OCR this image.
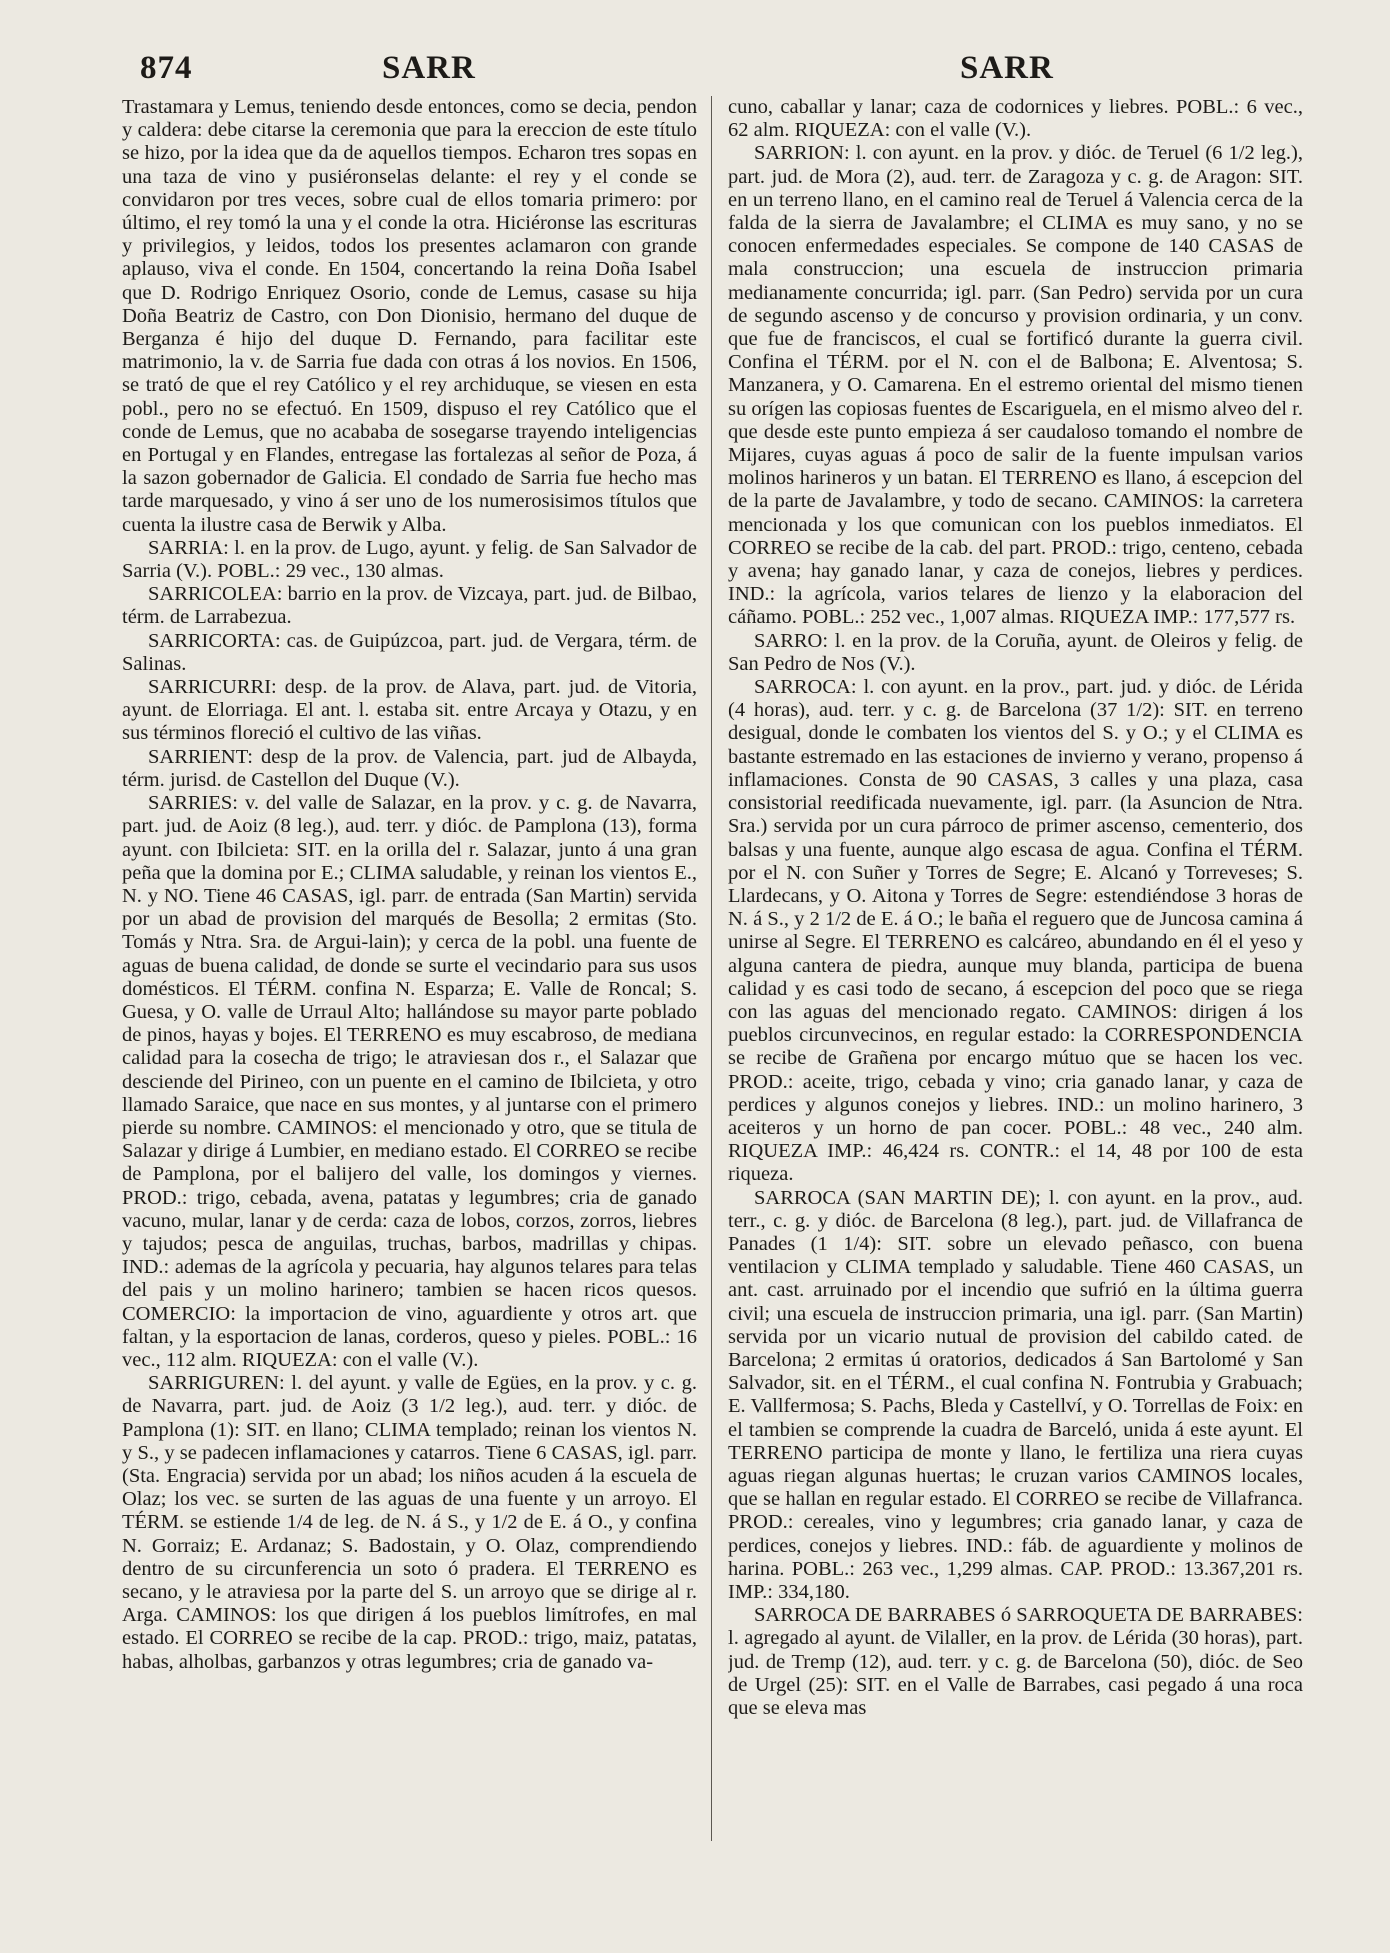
874	SARR	SARR

Trastamara y Lemus, teniendo desde entonces, como se decia, pendon y caldera: debe citarse la ceremonia que para la ereccion de este título se hizo, por la idea que da de aquellos tiempos. Echaron tres sopas en una taza de vino y pusiéronselas delante: el rey y el conde se convidaron por tres veces, sobre cual de ellos tomaria primero: por último, el rey tomó la una y el conde la otra. Hiciéronse las escrituras y privilegios, y leidos, todos los presentes aclamaron con grande aplauso, viva el conde. En 1504, concertando la reina Doña Isabel que D. Rodrigo Enriquez Osorio, conde de Lemus, casase su hija Doña Beatriz de Castro, con Don Dionisio, hermano del duque de Berganza é hijo del duque D. Fernando, para facilitar este matrimonio, la v. de Sarria fue dada con otras á los novios. En 1506, se trató de que el rey Católico y el rey archiduque, se viesen en esta pobl., pero no se efectuó. En 1509, dispuso el rey Católico que el conde de Lemus, que no acababa de sosegarse trayendo inteligencias en Portugal y en Flandes, entregase las fortalezas al señor de Poza, á la sazon gobernador de Galicia. El condado de Sarria fue hecho mas tarde marquesado, y vino á ser uno de los numerosisimos títulos que cuenta la ilustre casa de Berwik y Alba.

SARRIA: l. en la prov. de Lugo, ayunt. y felig. de San Salvador de Sarria (V.). POBL.: 29 vec., 130 almas.

SARRICOLEA: barrio en la prov. de Vizcaya, part. jud. de Bilbao, térm. de Larrabezua.

SARRICORTA: cas. de Guipúzcoa, part. jud. de Vergara, térm. de Salinas.

SARRICURRI: desp. de la prov. de Alava, part. jud. de Vitoria, ayunt. de Elorriaga. El ant. l. estaba sit. entre Arcaya y Otazu, y en sus términos floreció el cultivo de las viñas.

SARRIENT: desp de la prov. de Valencia, part. jud de Albayda, térm. jurisd. de Castellon del Duque (V.).

SARRIES: v. del valle de Salazar, en la prov. y c. g. de Navarra, part. jud. de Aoiz (8 leg.), aud. terr. y dióc. de Pamplona (13), forma ayunt. con Ibilcieta: SIT. en la orilla del r. Salazar, junto á una gran peña que la domina por E.; CLIMA saludable, y reinan los vientos E., N. y NO. Tiene 46 CASAS, igl. parr. de entrada (San Martin) servida por un abad de provision del marqués de Besolla; 2 ermitas (Sto. Tomás y Ntra. Sra. de Argui-lain); y cerca de la pobl. una fuente de aguas de buena calidad, de donde se surte el vecindario para sus usos domésticos. El TÉRM. confina N. Esparza; E. Valle de Roncal; S. Guesa, y O. valle de Urraul Alto; hallándose su mayor parte poblado de pinos, hayas y bojes. El TERRENO es muy escabroso, de mediana calidad para la cosecha de trigo; le atraviesan dos r., el Salazar que desciende del Pirineo, con un puente en el camino de Ibilcieta, y otro llamado Saraice, que nace en sus montes, y al juntarse con el primero pierde su nombre. CAMINOS: el mencionado y otro, que se titula de Salazar y dirige á Lumbier, en mediano estado. El CORREO se recibe de Pamplona, por el balijero del valle, los domingos y viernes. PROD.: trigo, cebada, avena, patatas y legumbres; cria de ganado vacuno, mular, lanar y de cerda: caza de lobos, corzos, zorros, liebres y tajudos; pesca de anguilas, truchas, barbos, madrillas y chipas. IND.: ademas de la agrícola y pecuaria, hay algunos telares para telas del pais y un molino harinero; tambien se hacen ricos quesos. COMERCIO: la importacion de vino, aguardiente y otros art. que faltan, y la esportacion de lanas, corderos, queso y pieles. POBL.: 16 vec., 112 alm. RIQUEZA: con el valle (V.).

SARRIGUREN: l. del ayunt. y valle de Egües, en la prov. y c. g. de Navarra, part. jud. de Aoiz (3 1/2 leg.), aud. terr. y dióc. de Pamplona (1): SIT. en llano; CLIMA templado; reinan los vientos N. y S., y se padecen inflamaciones y catarros. Tiene 6 CASAS, igl. parr. (Sta. Engracia) servida por un abad; los niños acuden á la escuela de Olaz; los vec. se surten de las aguas de una fuente y un arroyo. El TÉRM. se estiende 1/4 de leg. de N. á S., y 1/2 de E. á O., y confina N. Gorraiz; E. Ardanaz; S. Badostain, y O. Olaz, comprendiendo dentro de su circunferencia un soto ó pradera. El TERRENO es secano, y le atraviesa por la parte del S. un arroyo que se dirige al r. Arga. CAMINOS: los que dirigen á los pueblos limítrofes, en mal estado. El CORREO se recibe de la cap. PROD.: trigo, maiz, patatas, habas, alholbas, garbanzos y otras legumbres; cria de ganado va-

cuno, caballar y lanar; caza de codornices y liebres. POBL.: 6 vec., 62 alm. RIQUEZA: con el valle (V.).

SARRION: l. con ayunt. en la prov. y dióc. de Teruel (6 1/2 leg.), part. jud. de Mora (2), aud. terr. de Zaragoza y c. g. de Aragon: SIT. en un terreno llano, en el camino real de Teruel á Valencia cerca de la falda de la sierra de Javalambre; el CLIMA es muy sano, y no se conocen enfermedades especiales. Se compone de 140 CASAS de mala construccion; una escuela de instruccion primaria medianamente concurrida; igl. parr. (San Pedro) servida por un cura de segundo ascenso y de concurso y provision ordinaria, y un conv. que fue de franciscos, el cual se fortificó durante la guerra civil. Confina el TÉRM. por el N. con el de Balbona; E. Alventosa; S. Manzanera, y O. Camarena. En el estremo oriental del mismo tienen su orígen las copiosas fuentes de Escariguela, en el mismo alveo del r. que desde este punto empieza á ser caudaloso tomando el nombre de Mijares, cuyas aguas á poco de salir de la fuente impulsan varios molinos harineros y un batan. El TERRENO es llano, á escepcion del de la parte de Javalambre, y todo de secano. CAMINOS: la carretera mencionada y los que comunican con los pueblos inmediatos. El CORREO se recibe de la cab. del part. PROD.: trigo, centeno, cebada y avena; hay ganado lanar, y caza de conejos, liebres y perdices. IND.: la agrícola, varios telares de lienzo y la elaboracion del cáñamo. POBL.: 252 vec., 1,007 almas. RIQUEZA IMP.: 177,577 rs.

SARRO: l. en la prov. de la Coruña, ayunt. de Oleiros y felig. de San Pedro de Nos (V.).

SARROCA: l. con ayunt. en la prov., part. jud. y dióc. de Lérida (4 horas), aud. terr. y c. g. de Barcelona (37 1/2): SIT. en terreno desigual, donde le combaten los vientos del S. y O.; y el CLIMA es bastante estremado en las estaciones de invierno y verano, propenso á inflamaciones. Consta de 90 CASAS, 3 calles y una plaza, casa consistorial reedificada nuevamente, igl. parr. (la Asuncion de Ntra. Sra.) servida por un cura párroco de primer ascenso, cementerio, dos balsas y una fuente, aunque algo escasa de agua. Confina el TÉRM. por el N. con Suñer y Torres de Segre; E. Alcanó y Torreveses; S. Llardecans, y O. Aitona y Torres de Segre: estendiéndose 3 horas de N. á S., y 2 1/2 de E. á O.; le baña el reguero que de Juncosa camina á unirse al Segre. El TERRENO es calcáreo, abundando en él el yeso y alguna cantera de piedra, aunque muy blanda, participa de buena calidad y es casi todo de secano, á escepcion del poco que se riega con las aguas del mencionado regato. CAMINOS: dirigen á los pueblos circunvecinos, en regular estado: la CORRESPONDENCIA se recibe de Grañena por encargo mútuo que se hacen los vec. PROD.: aceite, trigo, cebada y vino; cria ganado lanar, y caza de perdices y algunos conejos y liebres. IND.: un molino harinero, 3 aceiteros y un horno de pan cocer. POBL.: 48 vec., 240 alm. RIQUEZA IMP.: 46,424 rs. CONTR.: el 14, 48 por 100 de esta riqueza.

SARROCA (SAN MARTIN DE); l. con ayunt. en la prov., aud. terr., c. g. y dióc. de Barcelona (8 leg.), part. jud. de Villafranca de Panades (1 1/4): SIT. sobre un elevado peñasco, con buena ventilacion y CLIMA templado y saludable. Tiene 460 CASAS, un ant. cast. arruinado por el incendio que sufrió en la última guerra civil; una escuela de instruccion primaria, una igl. parr. (San Martin) servida por un vicario nutual de provision del cabildo cated. de Barcelona; 2 ermitas ú oratorios, dedicados á San Bartolomé y San Salvador, sit. en el TÉRM., el cual confina N. Fontrubia y Grabuach; E. Vallfermosa; S. Pachs, Bleda y Castellví, y O. Torrellas de Foix: en el tambien se comprende la cuadra de Barceló, unida á este ayunt. El TERRENO participa de monte y llano, le fertiliza una riera cuyas aguas riegan algunas huertas; le cruzan varios CAMINOS locales, que se hallan en regular estado. El CORREO se recibe de Villafranca. PROD.: cereales, vino y legumbres; cria ganado lanar, y caza de perdices, conejos y liebres. IND.: fáb. de aguardiente y molinos de harina. POBL.: 263 vec., 1,299 almas. CAP. PROD.: 13.367,201 rs. IMP.: 334,180.

SARROCA DE BARRABES ó SARROQUETA DE BARRABES: l. agregado al ayunt. de Vilaller, en la prov. de Lérida (30 horas), part. jud. de Tremp (12), aud. terr. y c. g. de Barcelona (50), dióc. de Seo de Urgel (25): SIT. en el Valle de Barrabes, casi pegado á una roca que se eleva mas
